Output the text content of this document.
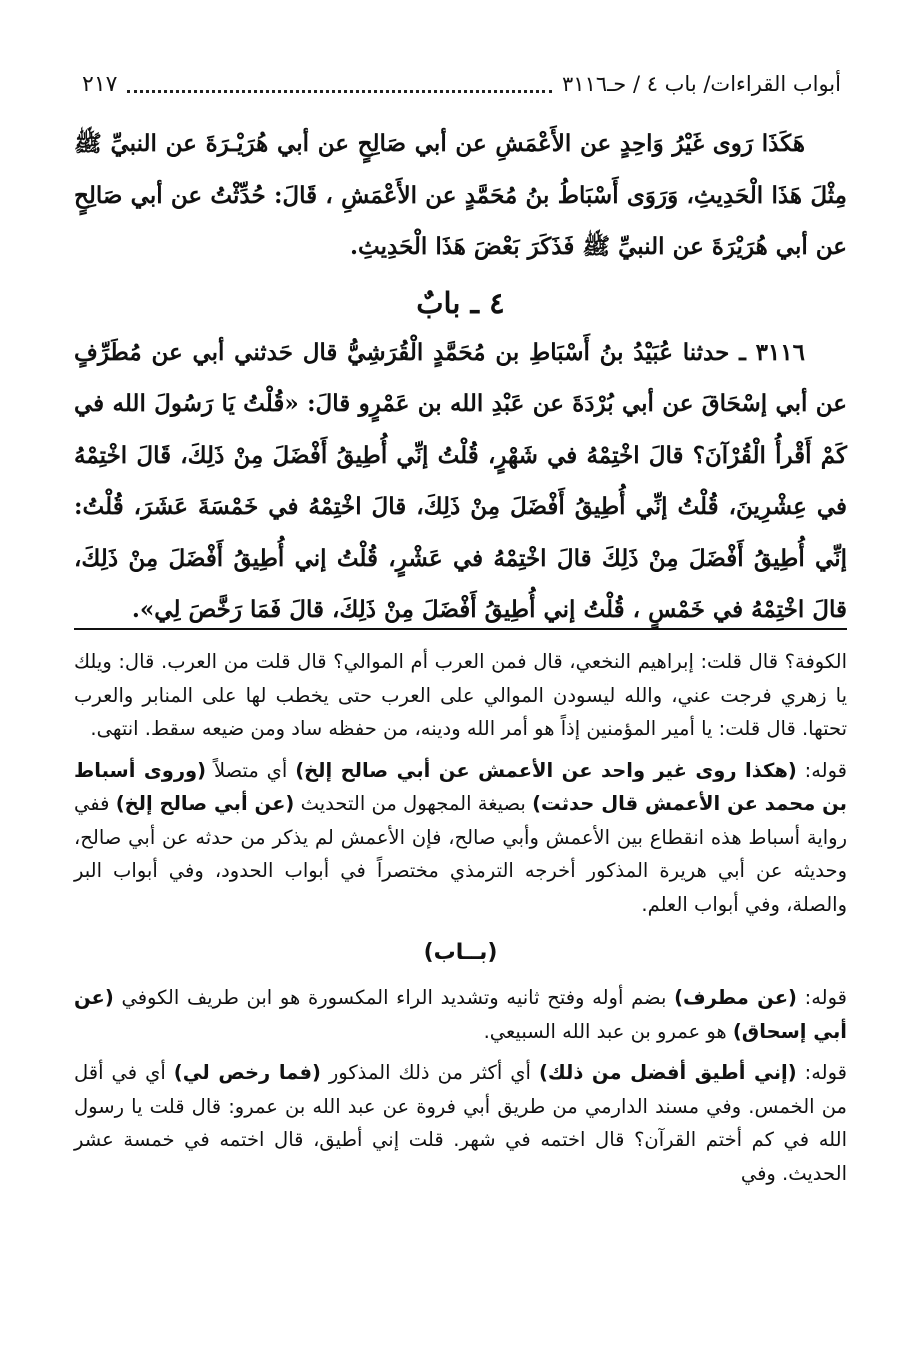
أبواب القراءات/ باب ٤ / حـ٣١١٦
٢١٧

هَكَذَا رَوى غَيْرُ وَاحِدٍ عن الأَعْمَشِ عن أبي صَالِحٍ عن أبي هُرَيْـرَةَ عن النبيِّ ﷺ مِثْلَ هَذَا الْحَدِيثِ، وَرَوَى أَسْبَاطُ بنُ مُحَمَّدٍ عن الأَعْمَشِ ، قَالَ: حُدِّثْتُ عن أبي صَالِحٍ عن أبي هُرَيْرَةَ عن النبيِّ ﷺ فَذَكَرَ بَعْضَ هَذَا الْحَدِيثِ.

٤ ـ بابٌ

٣١١٦ ـ حدثنا عُبَيْدُ بنُ أَسْبَاطِ بن مُحَمَّدٍ الْقُرَشِيُّ قال حَدثني أبي عن مُطَرِّفٍ عن أبي إسْحَاقَ عن أبي بُرْدَةَ عن عَبْدِ الله بن عَمْرٍو قالَ: «قُلْتُ يَا رَسُولَ الله في كَمْ أَقْرأُ الْقُرْآنَ؟ قالَ اخْتِمْهُ في شَهْرٍ، قُلْتُ إنِّي أُطِيقُ أَفْضَلَ مِنْ ذَلِكَ، قَالَ اخْتِمْهُ في عِشْرِينَ، قُلْتُ إنِّي أُطِيقُ أَفْضَلَ مِنْ ذَلِكَ، قالَ اخْتِمْهُ في خَمْسَةَ عَشَرَ، قُلْتُ: إنِّي أُطِيقُ أَفْضَلَ مِنْ ذَلِكَ قالَ اخْتِمْهُ في عَشْرٍ، قُلْتُ إني أُطِيقُ أَفْضَلَ مِنْ ذَلِكَ، قالَ اخْتِمْهُ في خَمْسٍ ، قُلْتُ إني أُطِيقُ أَفْضَلَ مِنْ ذَلِكَ، قالَ فَمَا رَخَّصَ لِي».

الكوفة؟ قال قلت: إبراهيم النخعي، قال فمن العرب أم الموالي؟ قال قلت من العرب. قال: ويلك يا زهري فرجت عني، والله ليسودن الموالي على العرب حتى يخطب لها على المنابر والعرب تحتها. قال قلت: يا أمير المؤمنين إذاً هو أمر الله ودينه، من حفظه ساد ومن ضيعه سقط. انتهى.

قوله: (هكذا روى غير واحد عن الأعمش عن أبي صالح إلخ) أي متصلاً (وروى أسباط بن محمد عن الأعمش قال حدثت) بصيغة المجهول من التحديث (عن أبي صالح إلخ) ففي رواية أسباط هذه انقطاع بين الأعمش وأبي صالح، فإن الأعمش لم يذكر من حدثه عن أبي صالح، وحديثه عن أبي هريرة المذكور أخرجه الترمذي مختصراً في أبواب الحدود، وفي أبواب البر والصلة، وفي أبواب العلم.

(بــاب)

قوله: (عن مطرف) بضم أوله وفتح ثانيه وتشديد الراء المكسورة هو ابن طريف الكوفي (عن أبي إسحاق) هو عمرو بن عبد الله السبيعي.

قوله: (إني أطيق أفضل من ذلك) أي أكثر من ذلك المذكور (فما رخص لي) أي في أقل من الخمس. وفي مسند الدارمي من طريق أبي فروة عن عبد الله بن عمرو: قال قلت يا رسول الله في كم أختم القرآن؟ قال اختمه في شهر. قلت إني أطيق، قال اختمه في خمسة عشر الحديث. وفي
